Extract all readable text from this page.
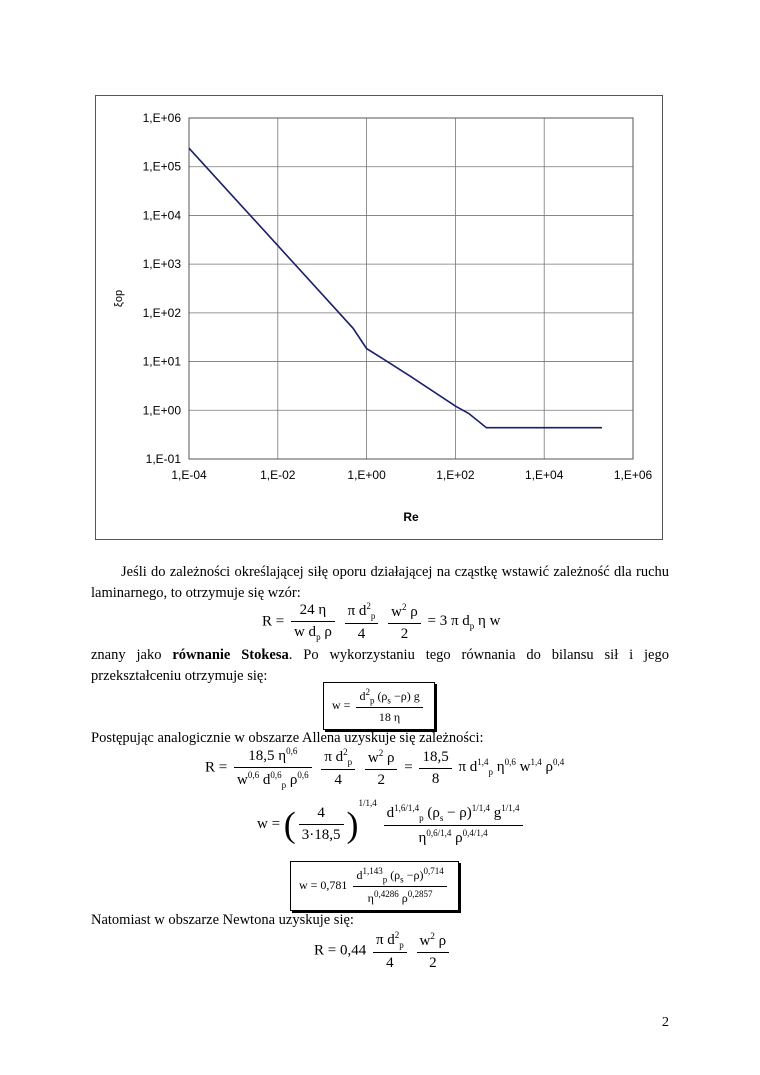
1,E-01
1,E+00
1,E+01
1,E+02
1,E+03
1,E+04
1,E+05
1,E+06
1,E-04	1,E-02	1,E+00	1,E+02	1,E+04	1,E+06
Re
ξop
Jeśli do zależności określającej siłę oporu działającej na cząstkę wstawić zależność dla ruchu laminarnego, to otrzymuje się wzór:
$R = \frac{24 \eta}{w d_p \rho}$
$\frac{\pi d^2_p}{4}$
$\frac{w^2 \rho}{2} = 3$ π $d_p$ η w
znany jako równanie Stokesa. Po wykorzystaniu tego równania do bilansu sił i jego przekształceniu otrzymuje się:
$w = \frac{d^2_p (\rho_s -\rho) g}{18 \eta}$
Postępując analogicznie w obszarze Allena uzyskuje się zależności:
$R = \frac{18,5 \eta^{0,6}}{w^{0,6} d^{0,6}_p \rho^{0,6}}$
$\frac{\pi d^2_p}{4}$
$\frac{w^2 \rho}{2} = \frac{18,5}{8}$ π $d^{1,4}_p$ $\eta^{0,6}$ $w^{1,4}$ $\rho^{0,4}$
w = ( $\frac{4}{3\cdot 18,5} )^{1/1,4} \frac{d^{1,6/1,4}_p (\rho_s - \rho)^{1/1,4} g^{1/1,4}}{\eta^{0,6/1,4} \rho^{0,4/1,4}}$
$w = 0,781 \frac{d^{1,143}_p (\rho_s -\rho)^{0,714}}{\eta^{0,4286} \rho^{0,2857}}$
Natomiast w obszarze Newtona uzyskuje się:
$R = 0,44 \frac{\pi d^2_p}{4}$
$\frac{w^2 \rho}{2}$
2
